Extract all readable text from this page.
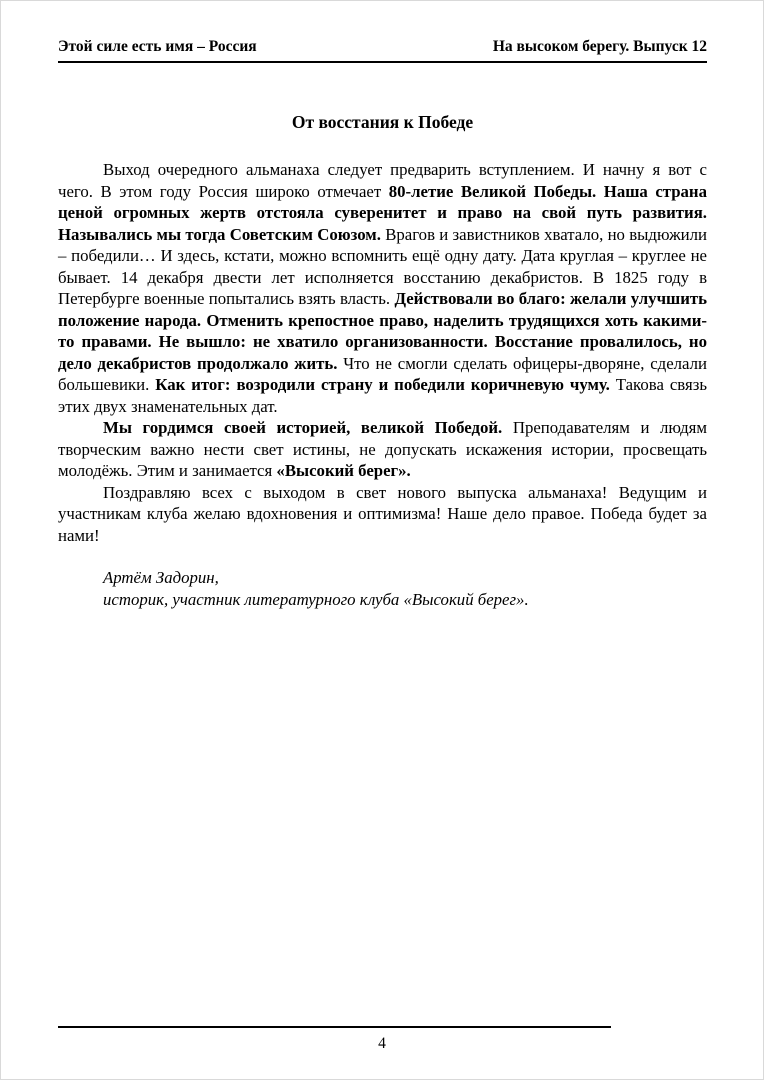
Этой силе есть имя – Россия	На высоком берегу. Выпуск 12
От восстания к Победе

Выход очередного альманаха следует предварить вступлением. И начну я вот с чего. В этом году Россия широко отмечает 80-летие Великой Победы. Наша страна ценой огромных жертв отстояла суверенитет и право на свой путь развития. Назывались мы тогда Советским Союзом. Врагов и завистников хватало, но выдюжили – победили… И здесь, кстати, можно вспомнить ещё одну дату. Дата круглая – круглее не бывает. 14 декабря двести лет исполняется восстанию декабристов. В 1825 году в Петербурге военные попытались взять власть. Действовали во благо: желали улучшить положение народа. Отменить крепостное право, наделить трудящихся хоть какими-то правами. Не вышло: не хватило организованности. Восстание провалилось, но дело декабристов продолжало жить. Что не смогли сделать офицеры-дворяне, сделали большевики. Как итог: возродили страну и победили коричневую чуму. Такова связь этих двух знаменательных дат.

Мы гордимся своей историей, великой Победой. Преподавателям и людям творческим важно нести свет истины, не допускать искажения истории, просвещать молодёжь. Этим и занимается «Высокий берег».

Поздравляю всех с выходом в свет нового выпуска альманаха! Ведущим и участникам клуба желаю вдохновения и оптимизма! Наше дело правое. Победа будет за нами!

Артём Задорин,

историк, участник литературного клуба «Высокий берег».

4
